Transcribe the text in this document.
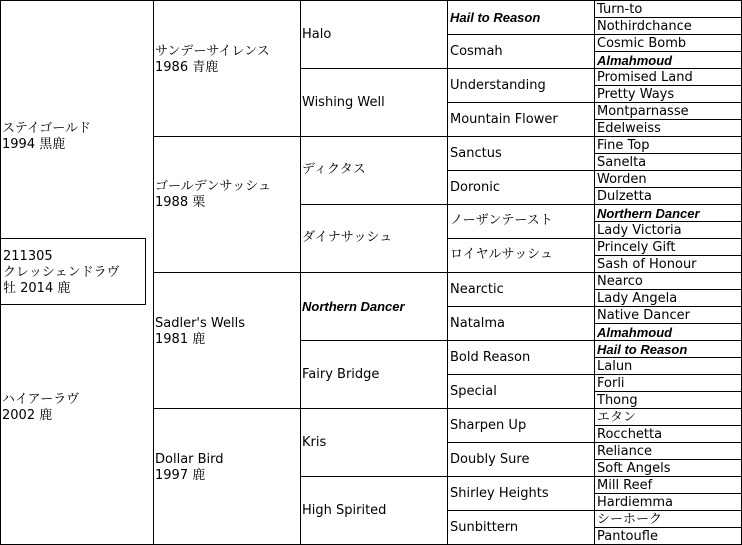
211305
クレッシェンドラヴ
牡 2014 鹿
ステイゴールド
1994 黒鹿
ハイアーラヴ
2002 鹿
サンデーサイレンス
1986 青鹿
ゴールデンサッシュ
1988 栗
Sadler's Wells
1981 鹿
Dollar Bird
1997 鹿
Halo
Wishing Well
ディクタス
ダイナサッシュ
Northern Dancer
Fairy Bridge
Kris
High Spirited
Hail to Reason
Cosmah
Understanding
Mountain Flower
Sanctus
Doronic
ノーザンテースト
ロイヤルサッシュ
Nearctic
Natalma
Bold Reason
Special
Sharpen Up
Doubly Sure
Shirley Heights
Sunbittern
Turn-to
Nothirdchance
Cosmic Bomb
Almahmoud
Promised Land
Pretty Ways
Montparnasse
Edelweiss
Fine Top
Sanelta
Worden
Dulzetta
Northern Dancer
Lady Victoria
Princely Gift
Sash of Honour
Nearco
Lady Angela
Native Dancer
Almahmoud
Hail to Reason
Lalun
Forli
Thong
エタン
Rocchetta
Reliance
Soft Angels
Mill Reef
Hardiemma
シーホーク
Pantoufle
